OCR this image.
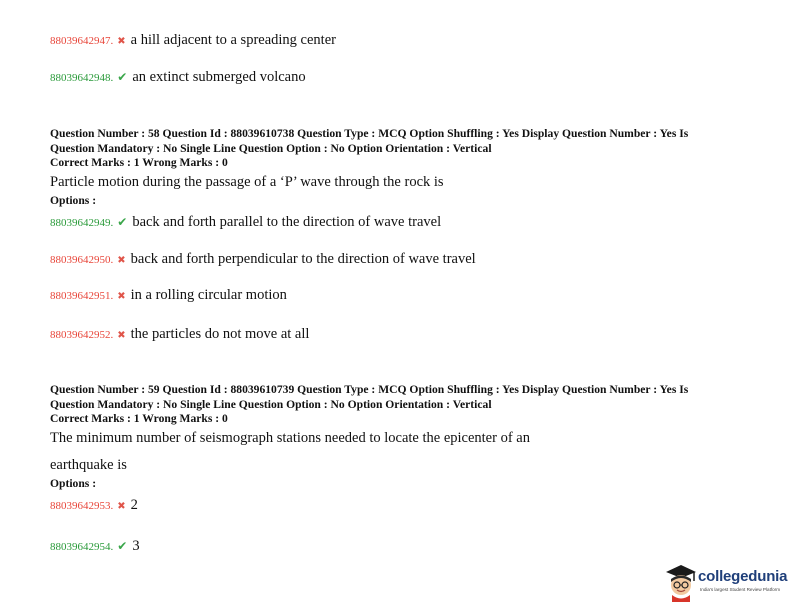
88039642947. ✖ a hill adjacent to a spreading center
88039642948. ✔ an extinct submerged volcano
Question Number : 58 Question Id : 88039610738 Question Type : MCQ Option Shuffling : Yes Display Question Number : Yes Is
Question Mandatory : No Single Line Question Option : No Option Orientation : Vertical
Correct Marks : 1 Wrong Marks : 0
Particle motion during the passage of a ‘P’ wave through the rock is
Options :
88039642949. ✔ back and forth parallel to the direction of wave travel
88039642950. ✖ back and forth perpendicular to the direction of wave travel
88039642951. ✖ in a rolling circular motion
88039642952. ✖ the particles do not move at all
Question Number : 59 Question Id : 88039610739 Question Type : MCQ Option Shuffling : Yes Display Question Number : Yes Is
Question Mandatory : No Single Line Question Option : No Option Orientation : Vertical
Correct Marks : 1 Wrong Marks : 0
The minimum number of seismograph stations needed to locate the epicenter of an
earthquake is
Options :
88039642953. ✖ 2
88039642954. ✔ 3
collegedunia
India's largest Student Review Platform
